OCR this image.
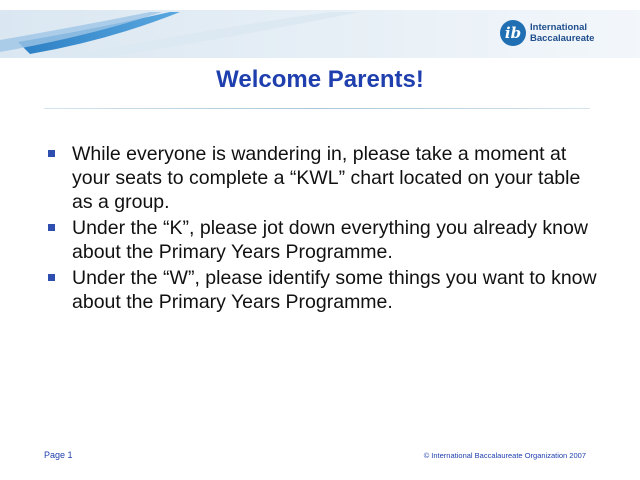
ib International
Baccalaureate
Welcome Parents!
While everyone is wandering in, please take a moment at your seats to complete a “KWL” chart located on your table as a group.
Under the “K”, please jot down everything you already know about the Primary Years Programme.
Under the “W”, please identify some things you want to know about the Primary Years Programme.
Page 1	© International Baccalaureate Organization 2007
